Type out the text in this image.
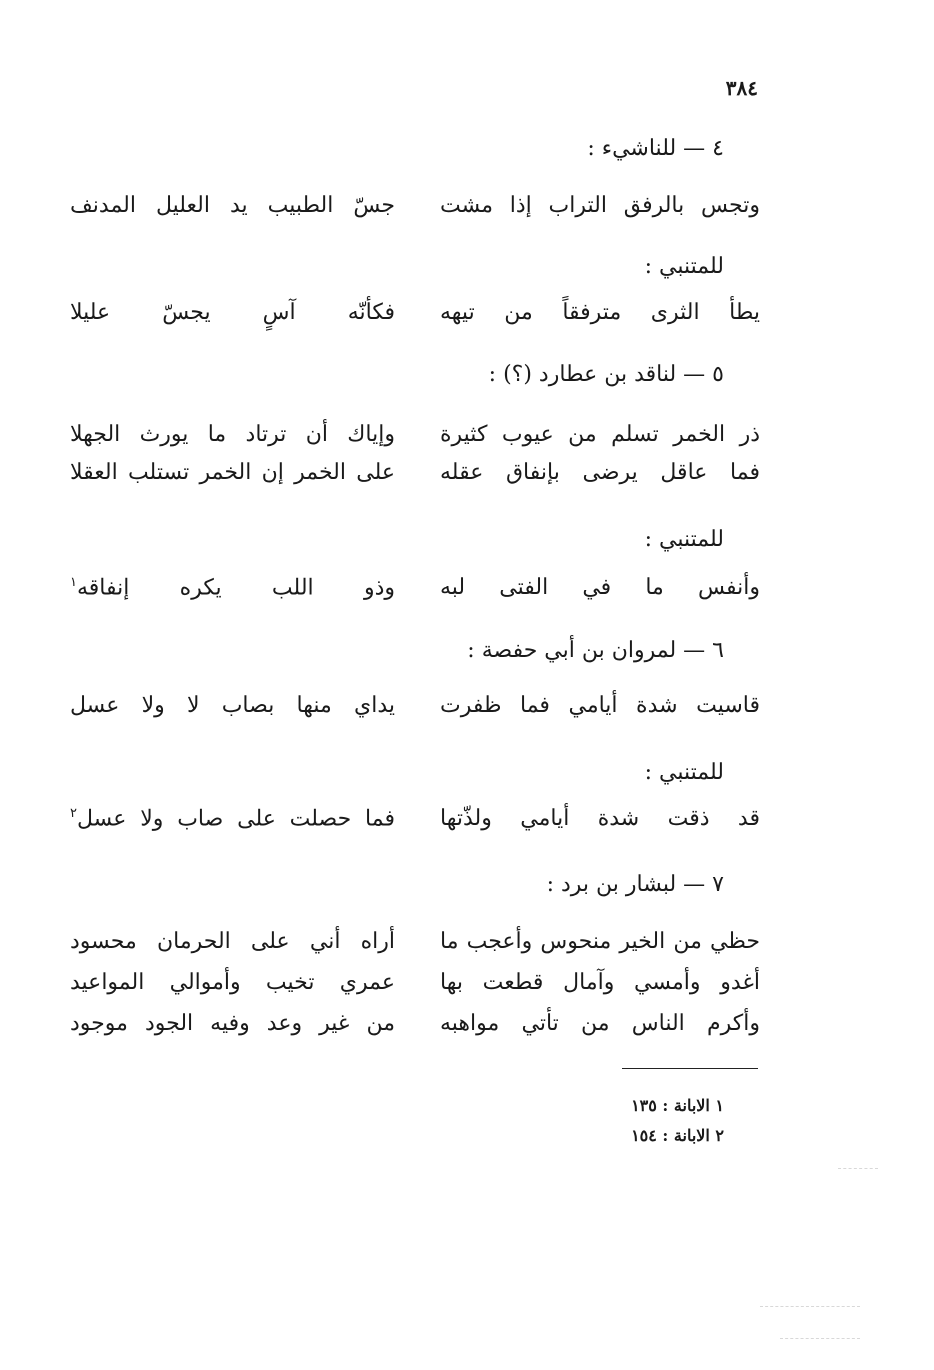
٣٨٤
٤ — للناشيء :
وتجس بالرفق التراب إذا مشت
جسّ الطبيب يد العليل المدنف
للمتنبي :
يطأ الثرى مترفقاً من تيهه
فكأنّه آسٍ يجسّ عليلا
٥ — لناقد بن عطارد (؟) :
ذر الخمر تسلم من عيوب كثيرة
وإياك أن ترتاد ما يورث الجهلا
فما عاقل يرضى بإنفاق عقله
على الخمر إن الخمر تستلب العقلا
للمتنبي :
وأنفس ما في الفتى لبه
وذو اللب يكره إنفاقه$^١$
٦ — لمروان بن أبي حفصة :
قاسيت شدة أيامي فما ظفرت
يداي منها بصاب لا ولا عسل
للمتنبي :
قد ذقت شدة أيامي ولذّتها
فما حصلت على صاب ولا عسل$^٢$
٧ — لبشار بن برد :
حظي من الخير منحوس وأعجب ما
أراه أني على الحرمان محسود
أغدو وأمسي وآمال قطعت بها
عمري تخيب وأموالي المواعيد
وأكرم الناس من تأتي مواهبه
من غير وعد وفيه الجود موجود
١ الابانة : ١٣٥
٢ الابانة : ١٥٤
